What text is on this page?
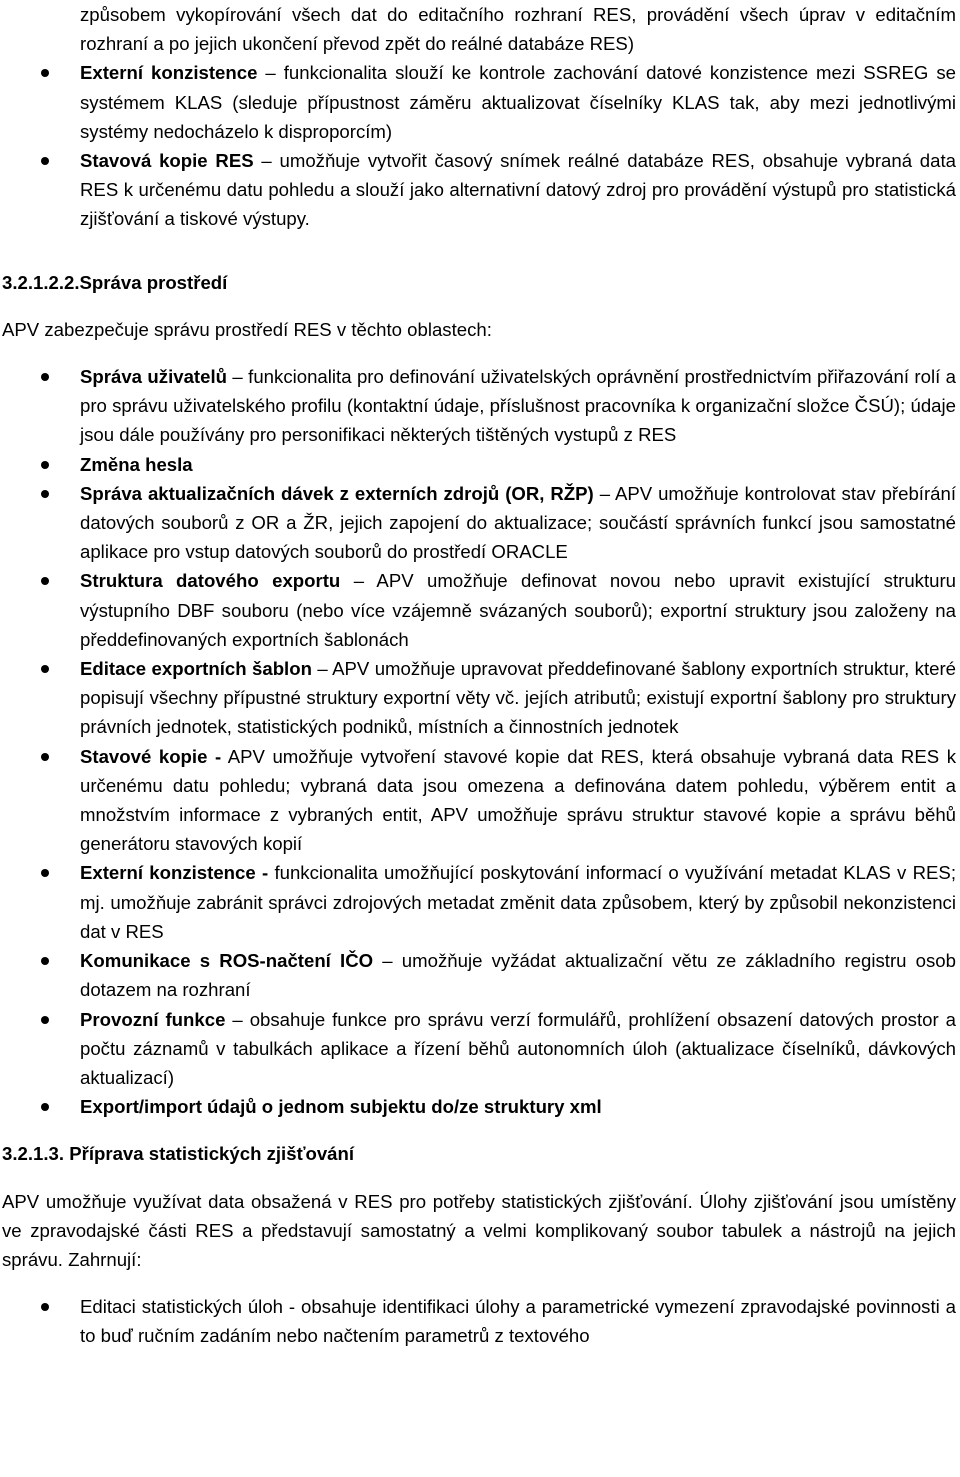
způsobem vykopírování všech dat do editačního rozhraní RES, provádění všech úprav v editačním rozhraní a po jejich ukončení převod zpět do reálné databáze RES)
Externí konzistence – funkcionalita slouží ke kontrole zachování datové konzistence mezi SSREG se systémem KLAS (sleduje přípustnost záměru aktualizovat číselníky KLAS tak, aby mezi jednotlivými systémy nedocházelo k disproporcím)
Stavová kopie RES – umožňuje vytvořit časový snímek reálné databáze RES, obsahuje vybraná data RES k určenému datu pohledu a slouží jako alternativní datový zdroj pro provádění výstupů pro statistická zjišťování a tiskové výstupy.
3.2.1.2.2.Správa prostředí

APV zabezpečuje správu prostředí RES v těchto oblastech:

Správa uživatelů – funkcionalita pro definování uživatelských oprávnění prostřednictvím přiřazování rolí a pro správu uživatelského profilu (kontaktní údaje, příslušnost pracovníka k organizační složce ČSÚ); údaje jsou dále používány pro personifikaci některých tištěných vystupů z RES
Změna hesla
Správa aktualizačních dávek z externích zdrojů (OR, RŽP) – APV umožňuje kontrolovat stav přebírání datových souborů z OR a ŽR, jejich zapojení do aktualizace; součástí správních funkcí jsou samostatné aplikace pro vstup datových souborů do prostředí ORACLE
Struktura datového exportu – APV umožňuje definovat novou nebo upravit existující strukturu výstupního DBF souboru (nebo více vzájemně svázaných souborů); exportní struktury jsou založeny na předdefinovaných exportních šablonách
Editace exportních šablon – APV umožňuje upravovat předdefinované šablony exportních struktur, které popisují všechny přípustné struktury exportní věty vč. jejích atributů; existují exportní šablony pro struktury právních jednotek, statistických podniků, místních a činnostních jednotek
Stavové kopie - APV umožňuje vytvoření stavové kopie dat RES, která obsahuje vybraná data RES k určenému datu pohledu; vybraná data jsou omezena a definována datem pohledu, výběrem entit a množstvím informace z vybraných entit, APV umožňuje správu struktur stavové kopie a správu běhů generátoru stavových kopií
Externí konzistence - funkcionalita umožňující poskytování informací o využívání metadat KLAS v RES; mj. umožňuje zabránit správci zdrojových metadat změnit data způsobem, který by způsobil nekonzistenci dat v RES
Komunikace s ROS-načtení IČO – umožňuje vyžádat aktualizační větu ze základního registru osob dotazem na rozhraní
Provozní funkce – obsahuje funkce pro správu verzí formulářů, prohlížení obsazení datových prostor a počtu záznamů v tabulkách aplikace a řízení běhů autonomních úloh (aktualizace číselníků, dávkových aktualizací)
Export/import údajů o jednom subjektu do/ze struktury xml
3.2.1.3. Příprava statistických zjišťování

APV umožňuje využívat data obsažená v RES pro potřeby statistických zjišťování. Úlohy zjišťování jsou umístěny ve zpravodajské části RES a představují samostatný a velmi komplikovaný soubor tabulek a nástrojů na jejich správu. Zahrnují:

Editaci statistických úloh - obsahuje identifikaci úlohy a parametrické vymezení zpravodajské povinnosti a to buď ručním zadáním nebo načtením parametrů z textového
